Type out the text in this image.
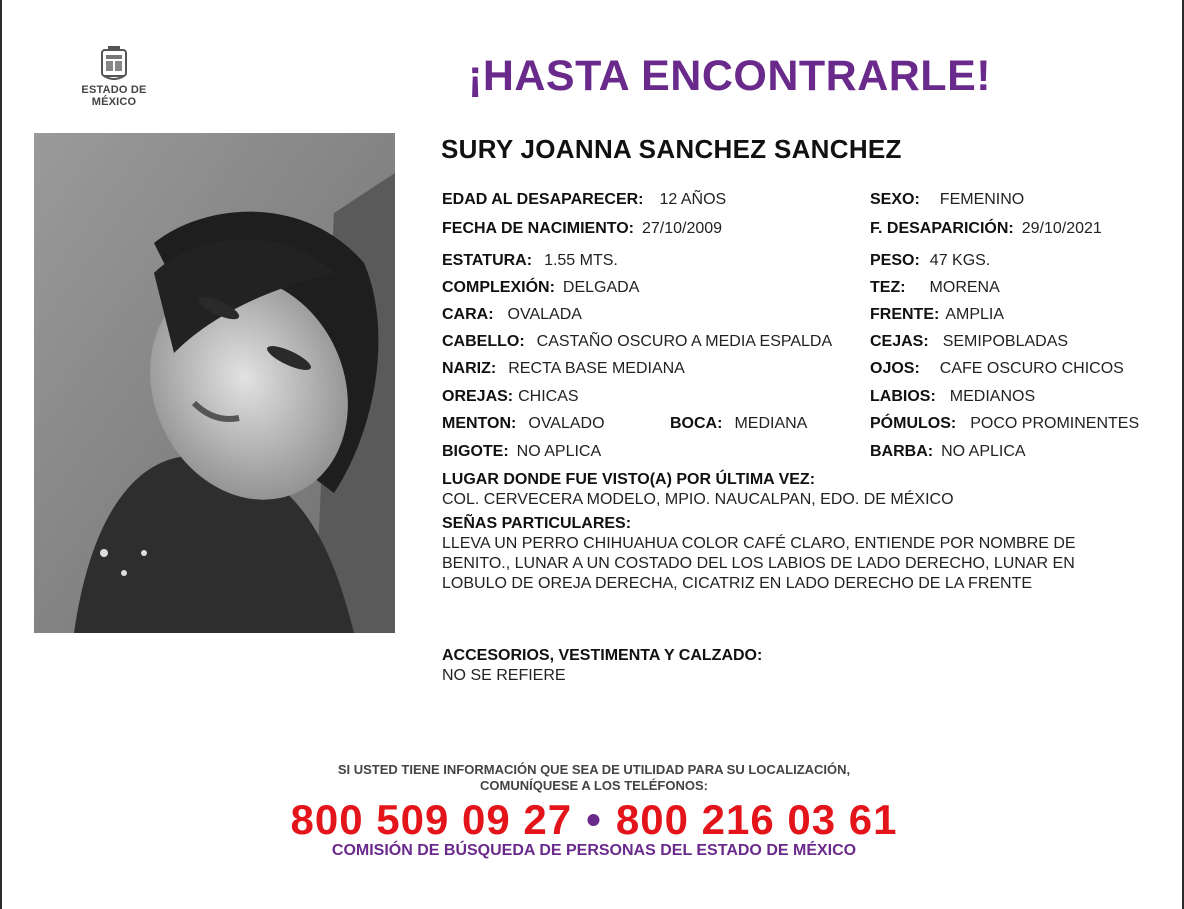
ESTADO DE MÉXICO
¡HASTA ENCONTRARLE!
SURY JOANNA SANCHEZ SANCHEZ
EDAD AL DESAPARECER: 12 AÑOS	SEXO: FEMENINO
FECHA DE NACIMIENTO: 27/10/2009	F. DESAPARICIÓN: 29/10/2021
ESTATURA: 1.55 MTS.	PESO: 47 KGS.
COMPLEXIÓN: DELGADA	TEZ: MORENA
CARA: OVALADA	FRENTE: AMPLIA
CABELLO: CASTAÑO OSCURO A MEDIA ESPALDA CEJAS: SEMIPOBLADAS
NARIZ: RECTA BASE MEDIANA	OJOS: CAFE OSCURO CHICOS
OREJAS: CHICAS	LABIOS: MEDIANOS
MENTON: OVALADO	BOCA: MEDIANA	PÓMULOS: POCO PROMINENTES
BIGOTE: NO APLICA	BARBA: NO APLICA
LUGAR DONDE FUE VISTO(A) POR ÚLTIMA VEZ:
COL. CERVECERA MODELO, MPIO. NAUCALPAN, EDO. DE MÉXICO
SEÑAS PARTICULARES:
LLEVA UN PERRO CHIHUAHUA COLOR CAFÉ CLARO, ENTIENDE POR NOMBRE DE BENITO., LUNAR A UN COSTADO DEL LOS LABIOS DE LADO DERECHO, LUNAR EN LOBULO DE OREJA DERECHA, CICATRIZ EN LADO DERECHO DE LA FRENTE
ACCESORIOS, VESTIMENTA Y CALZADO:
NO SE REFIERE
SI USTED TIENE INFORMACIÓN QUE SEA DE UTILIDAD PARA SU LOCALIZACIÓN,
COMUNÍQUESE A LOS TELÉFONOS:
800 509 09 27 • 800 216 03 61
COMISIÓN DE BÚSQUEDA DE PERSONAS DEL ESTADO DE MÉXICO
